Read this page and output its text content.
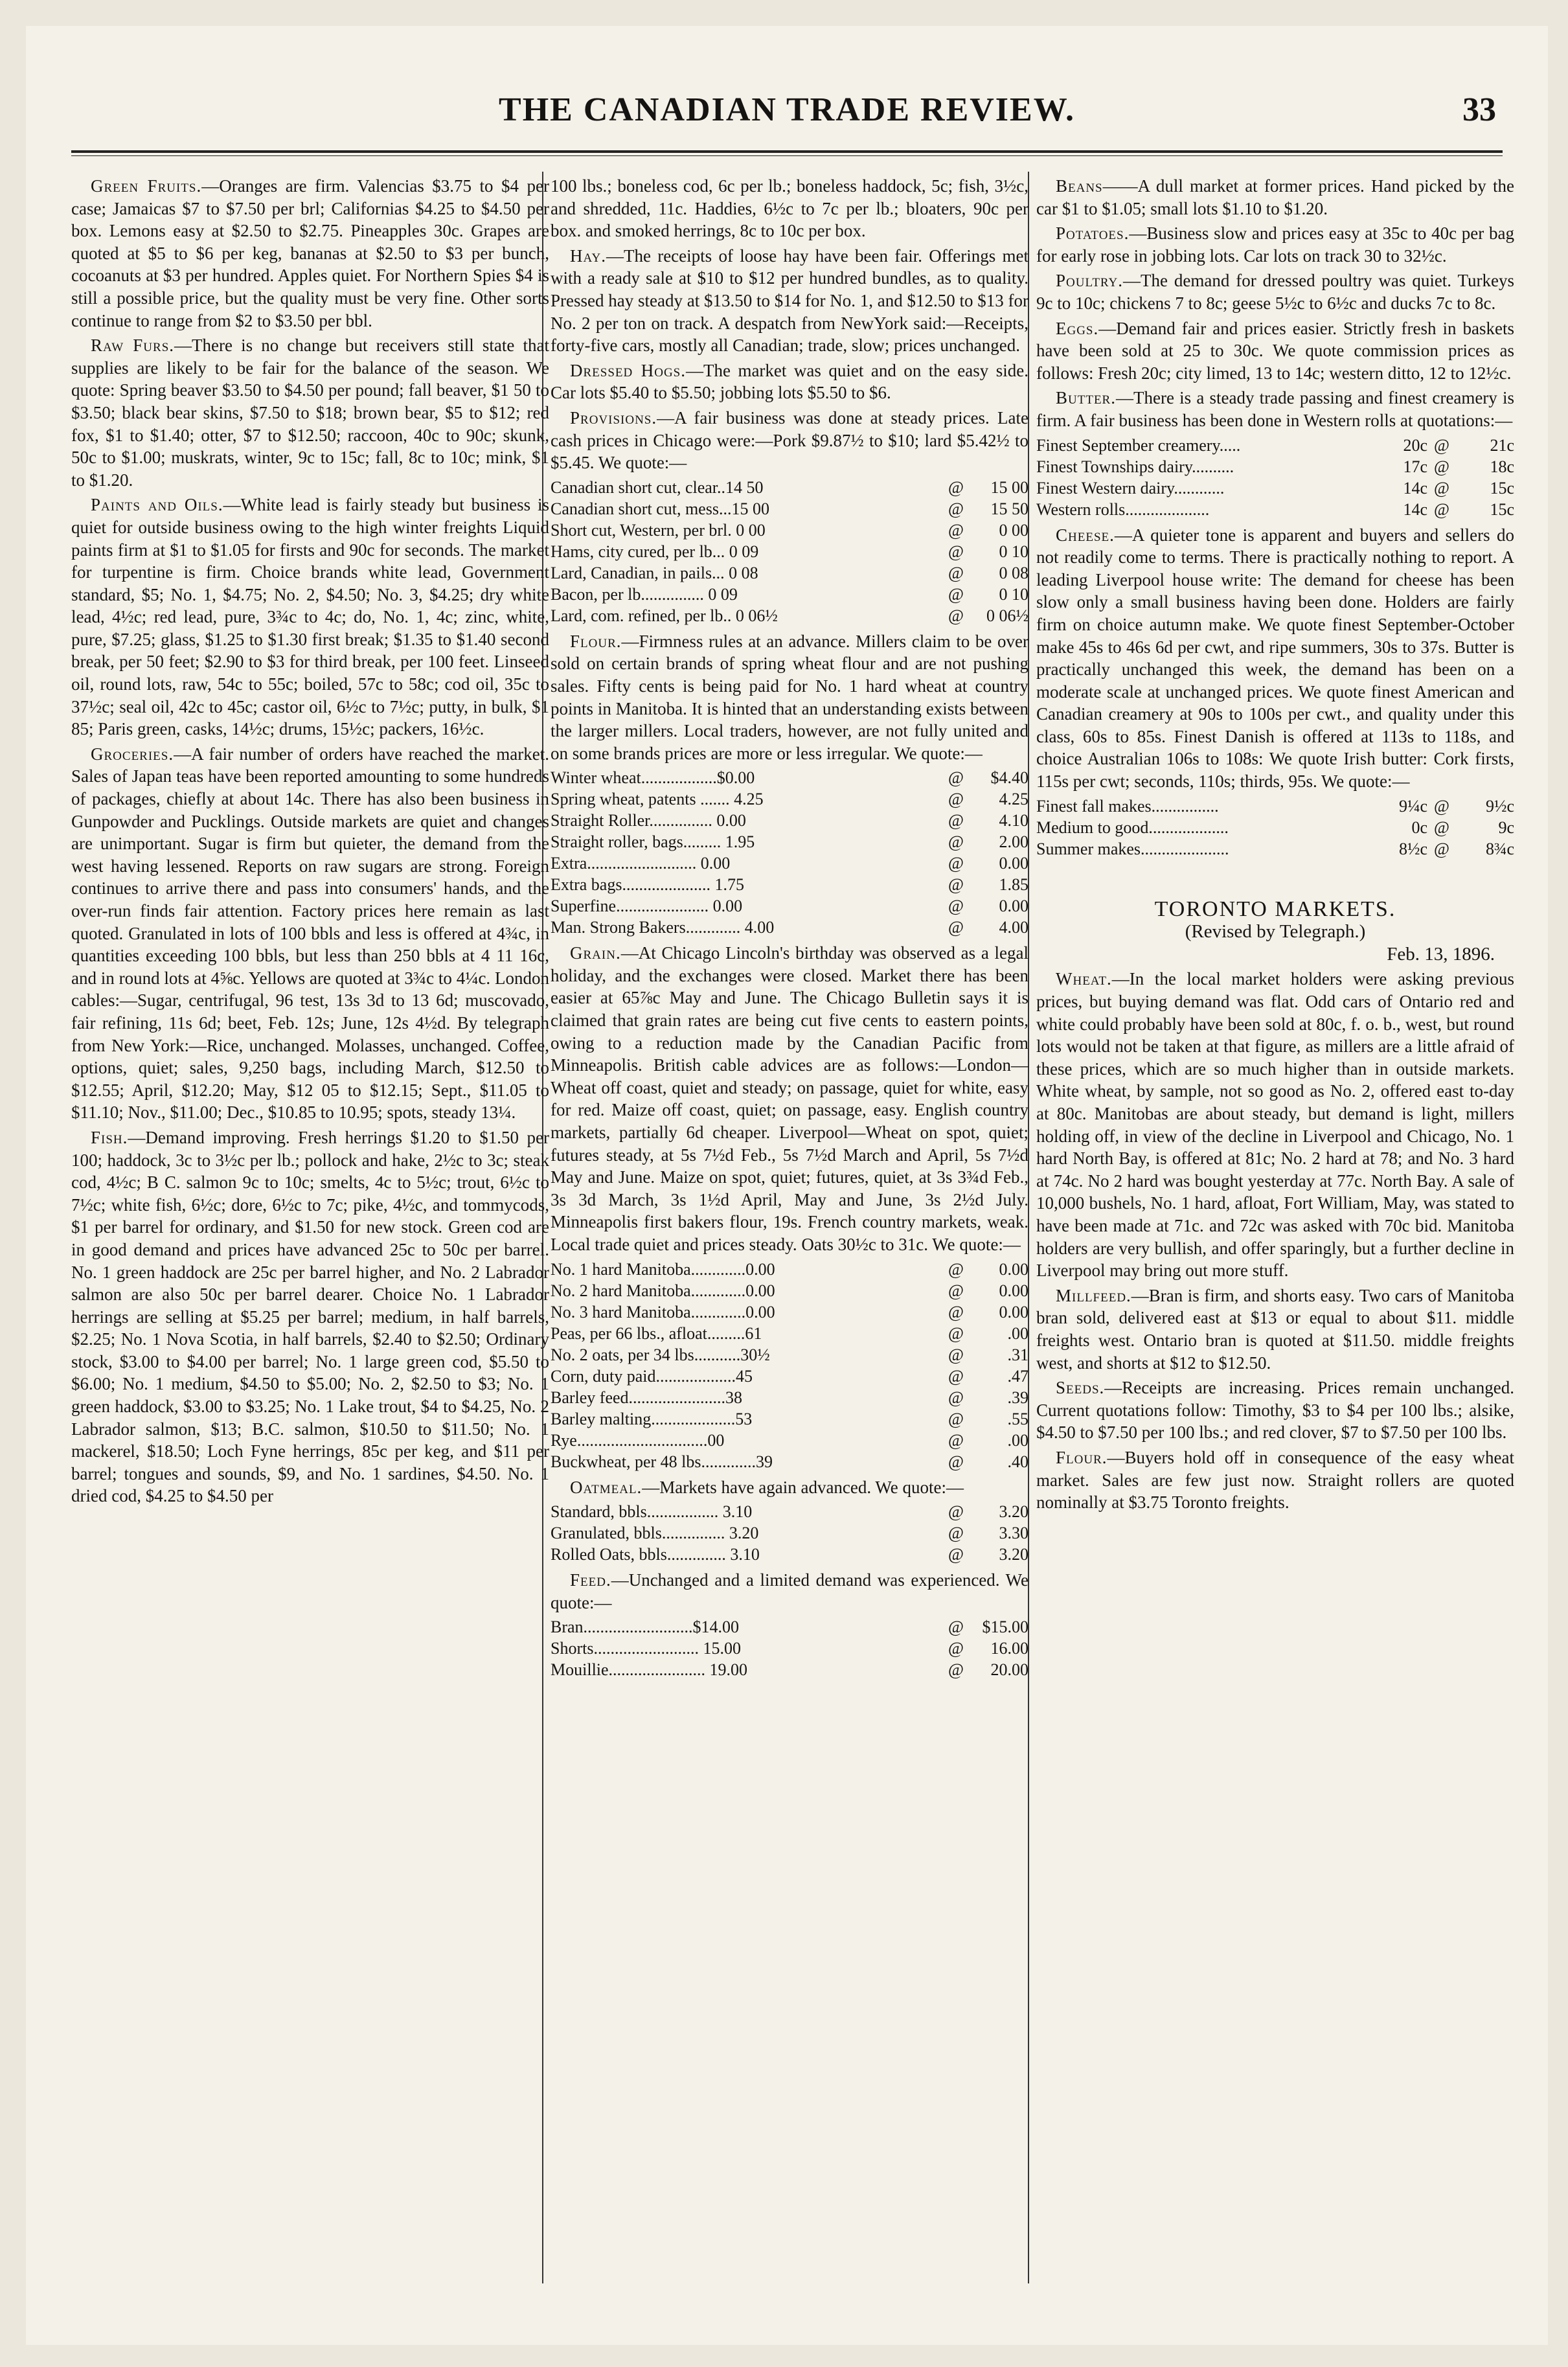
THE CANADIAN TRADE REVIEW.	33

Green Fruits.—Oranges are firm. Valencias $3.75 to $4 per case; Jamaicas $7 to $7.50 per brl; Californias $4.25 to $4.50 per box. Lemons easy at $2.50 to $2.75. Pineapples 30c. Grapes are quoted at $5 to $6 per keg, bananas at $2.50 to $3 per bunch, cocoanuts at $3 per hundred. Apples quiet. For Northern Spies $4 is still a possible price, but the quality must be very fine. Other sorts continue to range from $2 to $3.50 per bbl.

Raw Furs.—There is no change but receivers still state that supplies are likely to be fair for the balance of the season. We quote: Spring beaver $3.50 to $4.50 per pound; fall beaver, $1 50 to $3.50; black bear skins, $7.50 to $18; brown bear, $5 to $12; red fox, $1 to $1.40; otter, $7 to $12.50; raccoon, 40c to 90c; skunk, 50c to $1.00; muskrats, winter, 9c to 15c; fall, 8c to 10c; mink, $1 to $1.20.

Paints and Oils.—White lead is fairly steady but business is quiet for outside business owing to the high winter freights Liquid paints firm at $1 to $1.05 for firsts and 90c for seconds. The market for turpentine is firm. Choice brands white lead, Government standard, $5; No. 1, $4.75; No. 2, $4.50; No. 3, $4.25; dry white lead, 4½c; red lead, pure, 3¾c to 4c; do, No. 1, 4c; zinc, white, pure, $7.25; glass, $1.25 to $1.30 first break; $1.35 to $1.40 second break, per 50 feet; $2.90 to $3 for third break, per 100 feet. Linseed oil, round lots, raw, 54c to 55c; boiled, 57c to 58c; cod oil, 35c to 37½c; seal oil, 42c to 45c; castor oil, 6½c to 7½c; putty, in bulk, $1 85; Paris green, casks, 14½c; drums, 15½c; packers, 16½c.

Groceries.—A fair number of orders have reached the market. Sales of Japan teas have been reported amounting to some hundreds of packages, chiefly at about 14c. There has also been business in Gunpowder and Pucklings. Outside markets are quiet and changes are unimportant. Sugar is firm but quieter, the demand from the west having lessened. Reports on raw sugars are strong. Foreign continues to arrive there and pass into consumers' hands, and the over-run finds fair attention. Factory prices here remain as last quoted. Granulated in lots of 100 bbls and less is offered at 4¾c, in quantities exceeding 100 bbls, but less than 250 bbls at 4 11 16c, and in round lots at 4⅝c. Yellows are quoted at 3¾c to 4¼c. London cables:—Sugar, centrifugal, 96 test, 13s 3d to 13 6d; muscovado, fair refining, 11s 6d; beet, Feb. 12s; June, 12s 4½d. By telegraph from New York:—Rice, unchanged. Molasses, unchanged. Coffee, options, quiet; sales, 9,250 bags, including March, $12.50 to $12.55; April, $12.20; May, $12 05 to $12.15; Sept., $11.05 to $11.10; Nov., $11.00; Dec., $10.85 to 10.95; spots, steady 13¼.

Fish.—Demand improving. Fresh herrings $1.20 to $1.50 per 100; haddock, 3c to 3½c per lb.; pollock and hake, 2½c to 3c; steak cod, 4½c; B C. salmon 9c to 10c; smelts, 4c to 5½c; trout, 6½c to 7½c; white fish, 6½c; dore, 6½c to 7c; pike, 4½c, and tommycods, $1 per barrel for ordinary, and $1.50 for new stock. Green cod are in good demand and prices have advanced 25c to 50c per barrel. No. 1 green haddock are 25c per barrel higher, and No. 2 Labrador salmon are also 50c per barrel dearer. Choice No. 1 Labrador herrings are selling at $5.25 per barrel; medium, in half barrels, $2.25; No. 1 Nova Scotia, in half barrels, $2.40 to $2.50; Ordinary stock, $3.00 to $4.00 per barrel; No. 1 large green cod, $5.50 to $6.00; No. 1 medium, $4.50 to $5.00; No. 2, $2.50 to $3; No. 1 green haddock, $3.00 to $3.25; No. 1 Lake trout, $4 to $4.25, No. 2 Labrador salmon, $13; B.C. salmon, $10.50 to $11.50; No. 1 mackerel, $18.50; Loch Fyne herrings, 85c per keg, and $11 per barrel; tongues and sounds, $9, and No. 1 sardines, $4.50. No. 1 dried cod, $4.25 to $4.50 per

100 lbs.; boneless cod, 6c per lb.; boneless haddock, 5c; fish, 3½c, and shredded, 11c. Haddies, 6½c to 7c per lb.; bloaters, 90c per box. and smoked herrings, 8c to 10c per box.

Hay.—The receipts of loose hay have been fair. Offerings met with a ready sale at $10 to $12 per hundred bundles, as to quality. Pressed hay steady at $13.50 to $14 for No. 1, and $12.50 to $13 for No. 2 per ton on track. A despatch from NewYork said:—Receipts, forty-five cars, mostly all Canadian; trade, slow; prices unchanged.

Dressed Hogs.—The market was quiet and on the easy side. Car lots $5.40 to $5.50; jobbing lots $5.50 to $6.

Provisions.—A fair business was done at steady prices. Late cash prices in Chicago were:—Pork $9.87½ to $10; lard $5.42½ to $5.45. We quote:—

Canadian short cut, clear..14 50	@	15 00
Canadian short cut, mess...15 00	@	15 50
Short cut, Western, per brl. 0 00	@	0 00
Hams, city cured, per lb... 0 09	@	0 10
Lard, Canadian, in pails... 0 08	@	0 08
Bacon, per lb............... 0 09	@	0 10
Lard, com. refined, per lb.. 0 06½	@	0 06½

Flour.—Firmness rules at an advance. Millers claim to be over sold on certain brands of spring wheat flour and are not pushing sales. Fifty cents is being paid for No. 1 hard wheat at country points in Manitoba. It is hinted that an understanding exists between the larger millers. Local traders, however, are not fully united and on some brands prices are more or less irregular. We quote:—

Winter wheat..................$0.00	@	$4.40
Spring wheat, patents ....... 4.25	@	4.25
Straight Roller............... 0.00	@	4.10
Straight roller, bags......... 1.95	@	2.00
Extra.......................... 0.00	@	0.00
Extra bags..................... 1.75	@	1.85
Superfine...................... 0.00	@	0.00
Man. Strong Bakers............. 4.00	@	4.00

Grain.—At Chicago Lincoln's birthday was observed as a legal holiday, and the exchanges were closed. Market there has been easier at 65⅞c May and June. The Chicago Bulletin says it is claimed that grain rates are being cut five cents to eastern points, owing to a reduction made by the Canadian Pacific from Minneapolis. British cable advices are as follows:—London—Wheat off coast, quiet and steady; on passage, quiet for white, easy for red. Maize off coast, quiet; on passage, easy. English country markets, partially 6d cheaper. Liverpool—Wheat on spot, quiet; futures steady, at 5s 7½d Feb., 5s 7½d March and April, 5s 7½d May and June. Maize on spot, quiet; futures, quiet, at 3s 3¾d Feb., 3s 3d March, 3s 1½d April, May and June, 3s 2½d July. Minneapolis first bakers flour, 19s. French country markets, weak. Local trade quiet and prices steady. Oats 30½c to 31c. We quote:—

No. 1 hard Manitoba.............0.00	@	0.00
No. 2 hard Manitoba.............0.00	@	0.00
No. 3 hard Manitoba.............0.00	@	0.00
Peas, per 66 lbs., afloat.........61	@	.00
No. 2 oats, per 34 lbs...........30½	@	.31
Corn, duty paid...................45	@	.47
Barley feed.......................38	@	.39
Barley malting....................53	@	.55
Rye...............................00	@	.00
Buckwheat, per 48 lbs.............39	@	.40

Oatmeal.—Markets have again advanced. We quote:—

Standard, bbls................. 3.10	@	3.20
Granulated, bbls............... 3.20	@	3.30
Rolled Oats, bbls.............. 3.10	@	3.20

Feed.—Unchanged and a limited demand was experienced. We quote:—

Bran..........................$14.00	@	$15.00
Shorts......................... 15.00	@	16.00
Mouillie....................... 19.00	@	20.00

Beans——A dull market at former prices. Hand picked by the car $1 to $1.05; small lots $1.10 to $1.20.

Potatoes.—Business slow and prices easy at 35c to 40c per bag for early rose in jobbing lots. Car lots on track 30 to 32½c.

Poultry.—The demand for dressed poultry was quiet. Turkeys 9c to 10c; chickens 7 to 8c; geese 5½c to 6½c and ducks 7c to 8c.

Eggs.—Demand fair and prices easier. Strictly fresh in baskets have been sold at 25 to 30c. We quote commission prices as follows: Fresh 20c; city limed, 13 to 14c; western ditto, 12 to 12½c.

Butter.—There is a steady trade passing and finest creamery is firm. A fair business has been done in Western rolls at quotations:—

Finest September creamery.....	20c	@	21c
Finest Townships dairy..........	17c	@	18c
Finest Western dairy............	14c	@	15c
Western rolls....................	14c	@	15c

Cheese.—A quieter tone is apparent and buyers and sellers do not readily come to terms. There is practically nothing to report. A leading Liverpool house write: The demand for cheese has been slow only a small business having been done. Holders are fairly firm on choice autumn make. We quote finest September-October make 45s to 46s 6d per cwt, and ripe summers, 30s to 37s. Butter is practically unchanged this week, the demand has been on a moderate scale at unchanged prices. We quote finest American and Canadian creamery at 90s to 100s per cwt., and quality under this class, 60s to 85s. Finest Danish is offered at 113s to 118s, and choice Australian 106s to 108s: We quote Irish butter: Cork firsts, 115s per cwt; seconds, 110s; thirds, 95s. We quote:—

Finest fall makes................	9¼c	@	9½c
Medium to good...................	0c	@	9c
Summer makes.....................	8½c	@	8¾c

TORONTO MARKETS.

(Revised by Telegraph.)

Feb. 13, 1896.

Wheat.—In the local market holders were asking previous prices, but buying demand was flat. Odd cars of Ontario red and white could probably have been sold at 80c, f. o. b., west, but round lots would not be taken at that figure, as millers are a little afraid of these prices, which are so much higher than in outside markets. White wheat, by sample, not so good as No. 2, offered east to-day at 80c. Manitobas are about steady, but demand is light, millers holding off, in view of the decline in Liverpool and Chicago, No. 1 hard North Bay, is offered at 81c; No. 2 hard at 78; and No. 3 hard at 74c. No 2 hard was bought yesterday at 77c. North Bay. A sale of 10,000 bushels, No. 1 hard, afloat, Fort William, May, was stated to have been made at 71c. and 72c was asked with 70c bid. Manitoba holders are very bullish, and offer sparingly, but a further decline in Liverpool may bring out more stuff.

Millfeed.—Bran is firm, and shorts easy. Two cars of Manitoba bran sold, delivered east at $13 or equal to about $11. middle freights west. Ontario bran is quoted at $11.50. middle freights west, and shorts at $12 to $12.50.

Seeds.—Receipts are increasing. Prices remain unchanged. Current quotations follow: Timothy, $3 to $4 per 100 lbs.; alsike, $4.50 to $7.50 per 100 lbs.; and red clover, $7 to $7.50 per 100 lbs.

Flour.—Buyers hold off in consequence of the easy wheat market. Sales are few just now. Straight rollers are quoted nominally at $3.75 Toronto freights.
